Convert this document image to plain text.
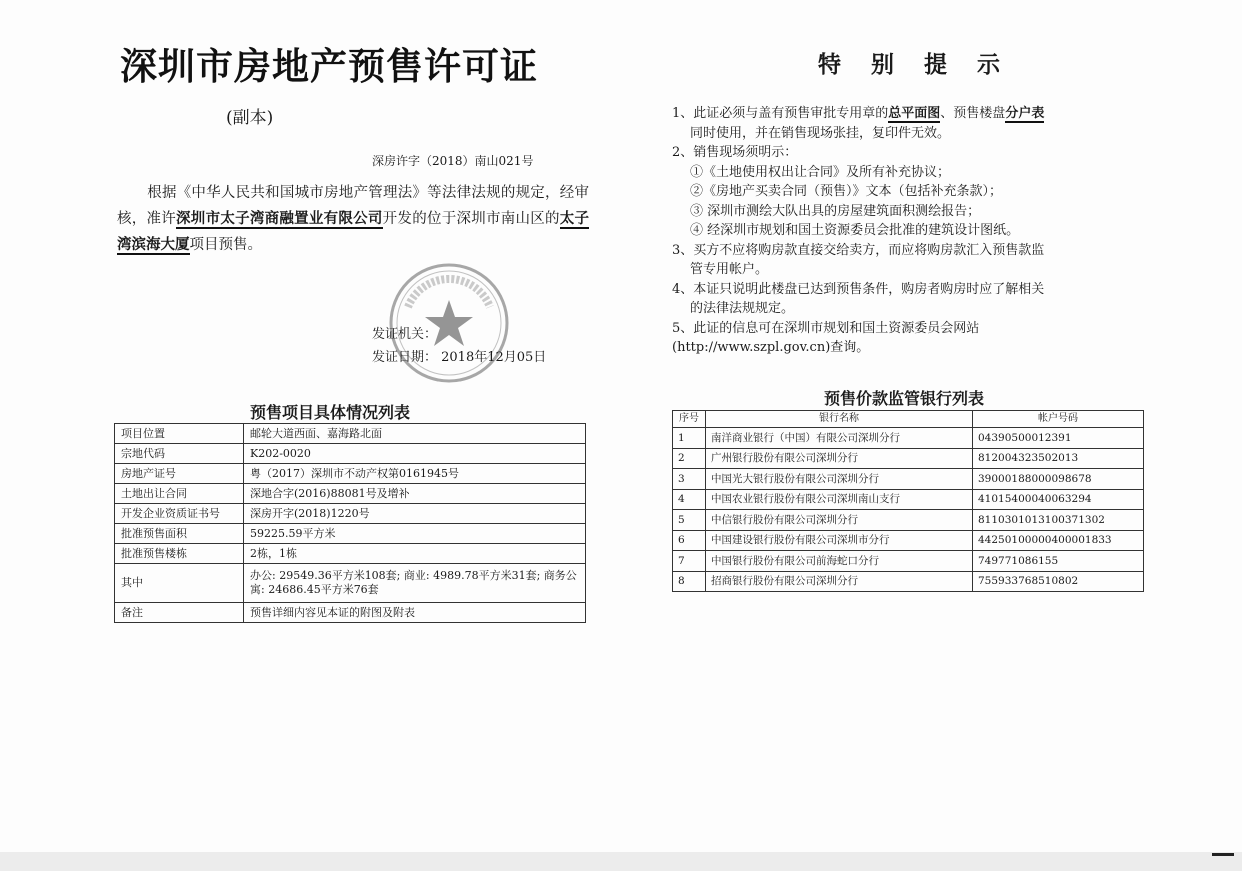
深圳市房地产预售许可证
(副本)
深房许字（2018）南山021号
根据《中华人民共和国城市房地产管理法》等法律法规的规定，经审核，准许深圳市太子湾商融置业有限公司开发的位于深圳市南山区的太子湾滨海大厦项目预售。
发证机关：
发证日期： 2018年12月05日
预售项目具体情况列表
项目位置	邮轮大道西面、嘉海路北面
宗地代码	K202-0020
房地产证号	粤（2017）深圳市不动产权第0161945号
土地出让合同	深地合字(2016)88081号及增补
开发企业资质证书号	深房开字(2018)1220号
批准预售面积	59225.59平方米
批准预售楼栋	2栋，1栋
其中	办公: 29549.36平方米108套; 商业: 4989.78平方米31套; 商务公寓: 24686.45平方米76套
备注	预售详细内容见本证的附图及附表
特别提示
1、此证必须与盖有预售审批专用章的总平面图、预售楼盘分户表
同时使用，并在销售现场张挂，复印件无效。
2、销售现场须明示：
①《土地使用权出让合同》及所有补充协议；
②《房地产买卖合同（预售）》文本（包括补充条款）；
③ 深圳市测绘大队出具的房屋建筑面积测绘报告；
④ 经深圳市规划和国土资源委员会批准的建筑设计图纸。
3、买方不应将购房款直接交给卖方，而应将购房款汇入预售款监
管专用帐户。
4、本证只说明此楼盘已达到预售条件，购房者购房时应了解相关
的法律法规规定。
5、此证的信息可在深圳市规划和国土资源委员会网站
(http://www.szpl.gov.cn)查询。
预售价款监管银行列表
序号	银行名称	帐户号码
1	南洋商业银行（中国）有限公司深圳分行	04390500012391
2	广州银行股份有限公司深圳分行	812004323502013
3	中国光大银行股份有限公司深圳分行	39000188000098678
4	中国农业银行股份有限公司深圳南山支行	41015400040063294
5	中信银行股份有限公司深圳分行	8110301013100371302
6	中国建设银行股份有限公司深圳市分行	44250100000400001833
7	中国银行股份有限公司前海蛇口分行	749771086155
8	招商银行股份有限公司深圳分行	755933768510802
